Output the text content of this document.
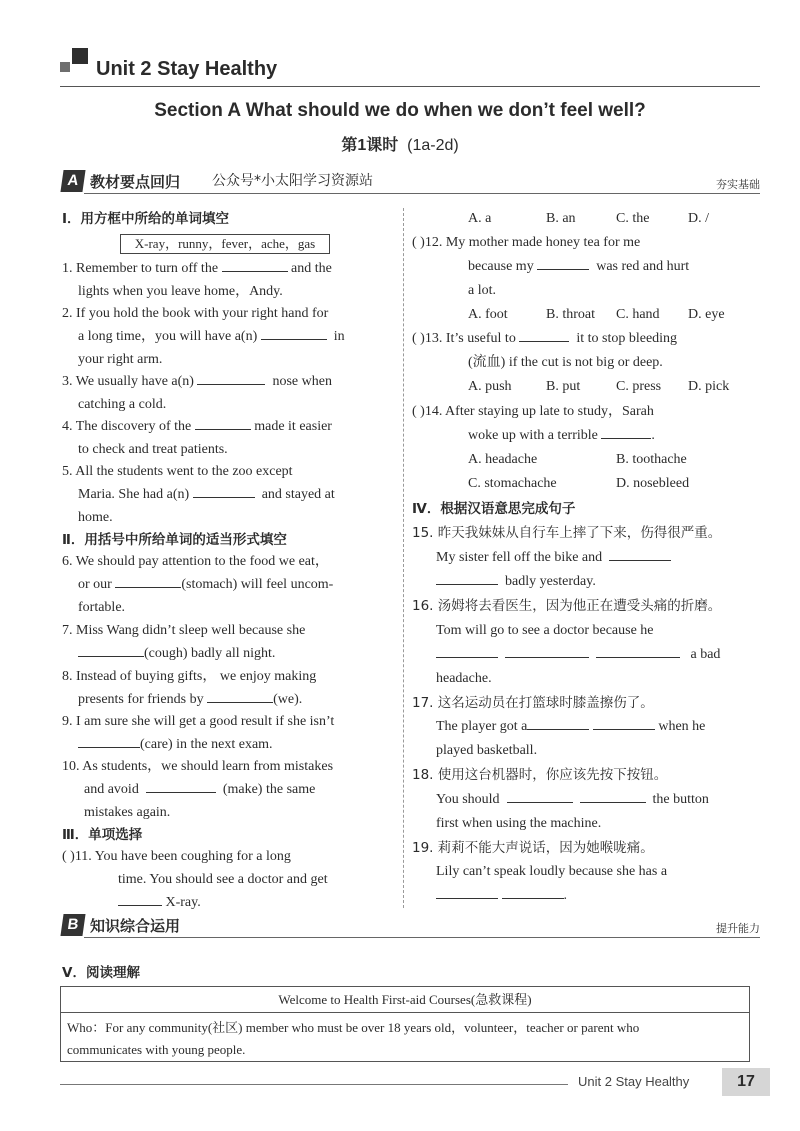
Unit 2 Stay Healthy
Section A What should we do when we don’t feel well?
第1课时 (1a-2d)
A 教材要点回归 公众号*小太阳学习资源站	夯实基础
Ⅰ．用方框中所给的单词填空
X-ray，runny，fever，ache，gas
1. Remember to turn off the	and the
lights when you leave home，Andy.
2. If you hold the book with your right hand for
a long time，you will have a(n)	in
your right arm.
3. We usually have a(n)	nose when
catching a cold.
4. The discovery of the	made it easier
to check and treat patients.
5. All the students went to the zoo except
Maria. She had a(n)	and stayed at
home.
Ⅱ．用括号中所给单词的适当形式填空
6. We should pay attention to the food we eat，
or our	(stomach) will feel uncom-
fortable.
7. Miss Wang didn’t sleep well because she
(cough) badly all night.
8. Instead of buying gifts， we enjoy making
presents for friends by	(we).
9. I am sure she will get a good result if she isn’t
(care) in the next exam.
10. As students，we should learn from mistakes
and avoid	(make) the same
mistakes again.
Ⅲ．单项选择
( )11. You have been coughing for a long
time. You should see a doctor and get
X-ray.
A. a	B. an	C. the	D. /
( )12. My mother made honey tea for me
because my	was red and hurt
a lot.
A. foot	B. throat C. hand D. eye
( )13. It’s useful to	it to stop bleeding
(流血) if the cut is not big or deep.
A. push B. put	C. press D. pick
( )14. After staying up late to study，Sarah
woke up with a terrible	.
A. headache	B. toothache
C. stomachache	D. nosebleed
Ⅳ．根据汉语意思完成句子
15. 昨天我妹妹从自行车上摔了下来，伤得很严重。
My sister fell off the bike and
badly yesterday.
16. 汤姆将去看医生，因为他正在遭受头痛的折磨。
Tom will go to see a doctor because he
a bad
headache.
17. 这名运动员在打篮球时膝盖擦伤了。
The player got a	when he
played basketball.
18. 使用这台机器时，你应该先按下按钮。
You should	the button
first when using the machine.
19. 莉莉不能大声说话，因为她喉咙痛。
Lily can’t speak loudly because she has a
.
B 知识综合运用	提升能力
Ⅴ．阅读理解
Welcome to Health First-aid Courses(急救课程)
Who：For any community(社区) member who must be over 18 years old，volunteer，teacher or parent who
communicates with young people.
Unit 2 Stay Healthy	17
